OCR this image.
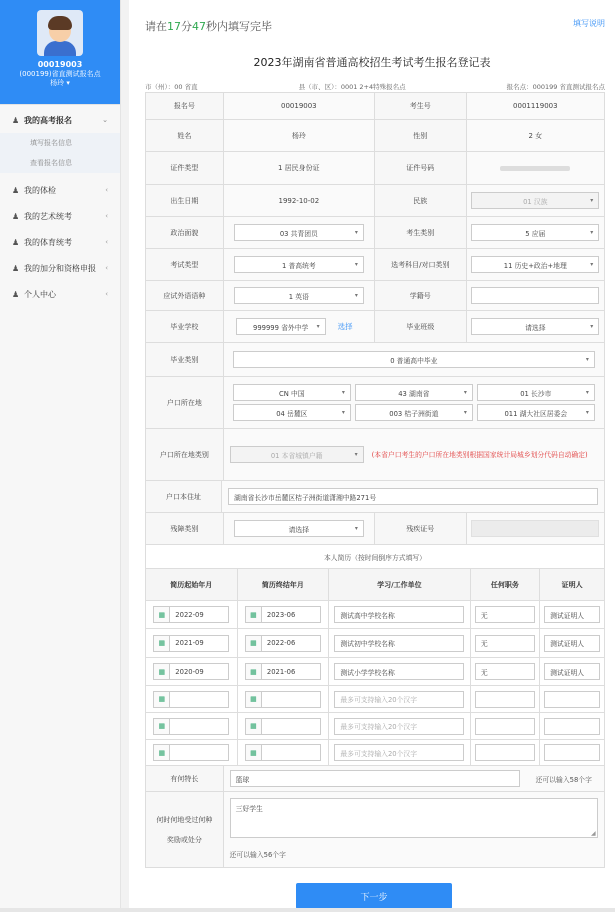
00019003
(000199)省直测试报名点
杨玲 ▾
♟ 我的高考报名	⌄
填写报名信息
查看报名信息
♟ 我的体检	‹
♟ 我的艺术统考	‹
♟ 我的体育统考	‹
♟ 我的加分和资格申报 ‹
♟ 个人中心	‹
请在17分47秒内填写完毕	填写说明
2023年湖南省普通高校招生考试考生报名登记表
市（州）：00 省直	县（市、区）：0001 2+4特殊报名点	报名点：000199 省直测试报名点
报名号	00019003	考生号	0001119003
姓名	杨玲	性别	2 女
证件类型	1 居民身份证	证件号码
出生日期	1992-10-02	民族	01 汉族 ▾
政治面貌	03 共青团员 ▾	考生类别	5 应届 ▾
考试类型	1 普高统考 ▾	选考科目/对口类别	11 历史+政治+地理 ▾
应试外语语种	1 英语 ▾	学籍号
毕业学校	999999 省外中学 ▾	选择	毕业班级	请选择 ▾
毕业类别	0 普通高中毕业 ▾
户口所在地
CN 中国 ▾	43 湖南省 ▾	01 长沙市 ▾
04 岳麓区 ▾	003 桔子洲街道 ▾	011 湖大社区居委会 ▾
户口所在地类别	01 本省城镇户籍 ▾	(本省户口考生的户口所在地类别根据国家统计局城乡划分代码自动确定)
户口本住址	湖南省长沙市岳麓区桔子洲街道潇湘中路271号
残障类别	请选择 ▾	残疾证号
本人简历（按时间倒序方式填写）
简历起始年月	简历终结年月	学习/工作单位	任何职务	证明人
▦	2022-09	▦	2023-06	测试高中学校名称	无	测试证明人
▦	2021-09	▦	2022-06	测试初中学校名称	无	测试证明人
▦	2020-09	▦	2021-06	测试小学学校名称	无	测试证明人
▦	▦	最多可支持输入20个汉字
▦	▦	最多可支持输入20个汉字
▦	▦	最多可支持输入20个汉字
有何特长	篮球	还可以输入58个字
何时何地受过何种
奖励或处分
三好学生
◢
还可以输入56个字
下一步
